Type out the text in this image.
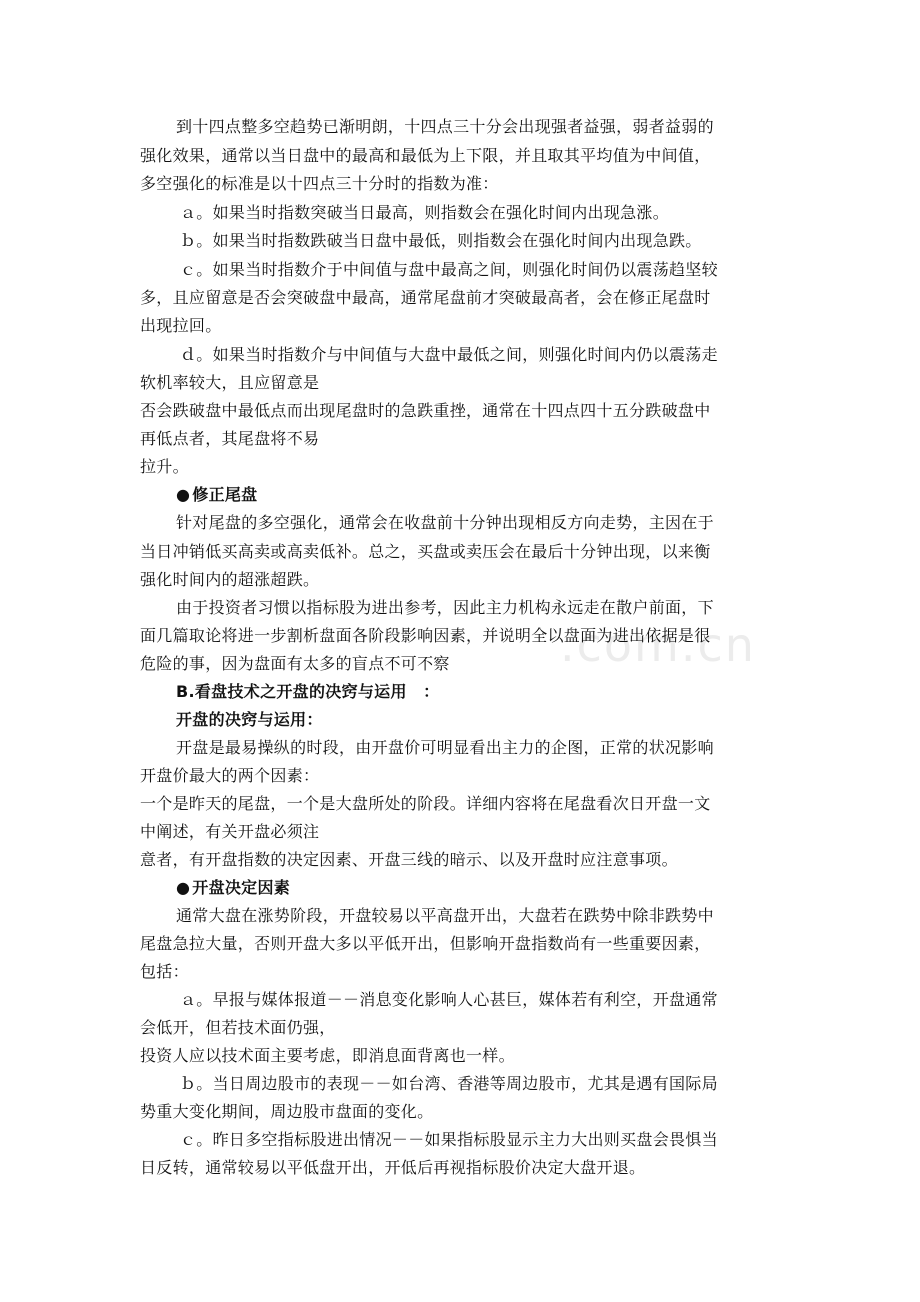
.com.cn
到十四点整多空趋势已渐明朗，十四点三十分会出现强者益强，弱者益弱的
强化效果，通常以当日盘中的最高和最低为上下限，并且取其平均值为中间值，
多空强化的标准是以十四点三十分时的指数为准：
ａ。如果当时指数突破当日最高，则指数会在强化时间内出现急涨。
ｂ。如果当时指数跌破当日盘中最低，则指数会在强化时间内出现急跌。
ｃ。如果当时指数介于中间值与盘中最高之间，则强化时间仍以震荡趋坚较
多，且应留意是否会突破盘中最高，通常尾盘前才突破最高者，会在修正尾盘时
出现拉回。
ｄ。如果当时指数介与中间值与大盘中最低之间，则强化时间内仍以震荡走
软机率较大，且应留意是
否会跌破盘中最低点而出现尾盘时的急跌重挫，通常在十四点四十五分跌破盘中
再低点者，其尾盘将不易
拉升。
● 修正尾盘
针对尾盘的多空强化，通常会在收盘前十分钟出现相反方向走势，主因在于
当日冲销低买高卖或高卖低补。总之，买盘或卖压会在最后十分钟出现，以来衡
强化时间内的超涨超跌。
由于投资者习惯以指标股为进出参考，因此主力机构永远走在散户前面，下
面几篇取论将进一步割析盘面各阶段影响因素，并说明全以盘面为进出依据是很
危险的事，因为盘面有太多的盲点不可不察
B.看盘技术之开盘的决窍与运用　：
开盘的决窍与运用：
开盘是最易操纵的时段，由开盘价可明显看出主力的企图，正常的状况影响
开盘价最大的两个因素：
一个是昨天的尾盘，一个是大盘所处的阶段。详细内容将在尾盘看次日开盘一文
中阐述，有关开盘必须注
意者，有开盘指数的决定因素、开盘三线的暗示、以及开盘时应注意事项。
● 开盘决定因素
通常大盘在涨势阶段，开盘较易以平高盘开出，大盘若在跌势中除非跌势中
尾盘急拉大量，否则开盘大多以平低开出，但影响开盘指数尚有一些重要因素，
包括：
ａ。早报与媒体报道－－消息变化影响人心甚巨，媒体若有利空，开盘通常
会低开，但若技术面仍强，
投资人应以技术面主要考虑，即消息面背离也一样。
ｂ。当日周边股市的表现－－如台湾、香港等周边股市，尤其是遇有国际局
势重大变化期间，周边股市盘面的变化。
ｃ。昨日多空指标股进出情况－－如果指标股显示主力大出则买盘会畏惧当
日反转，通常较易以平低盘开出，开低后再视指标股价决定大盘开退。
